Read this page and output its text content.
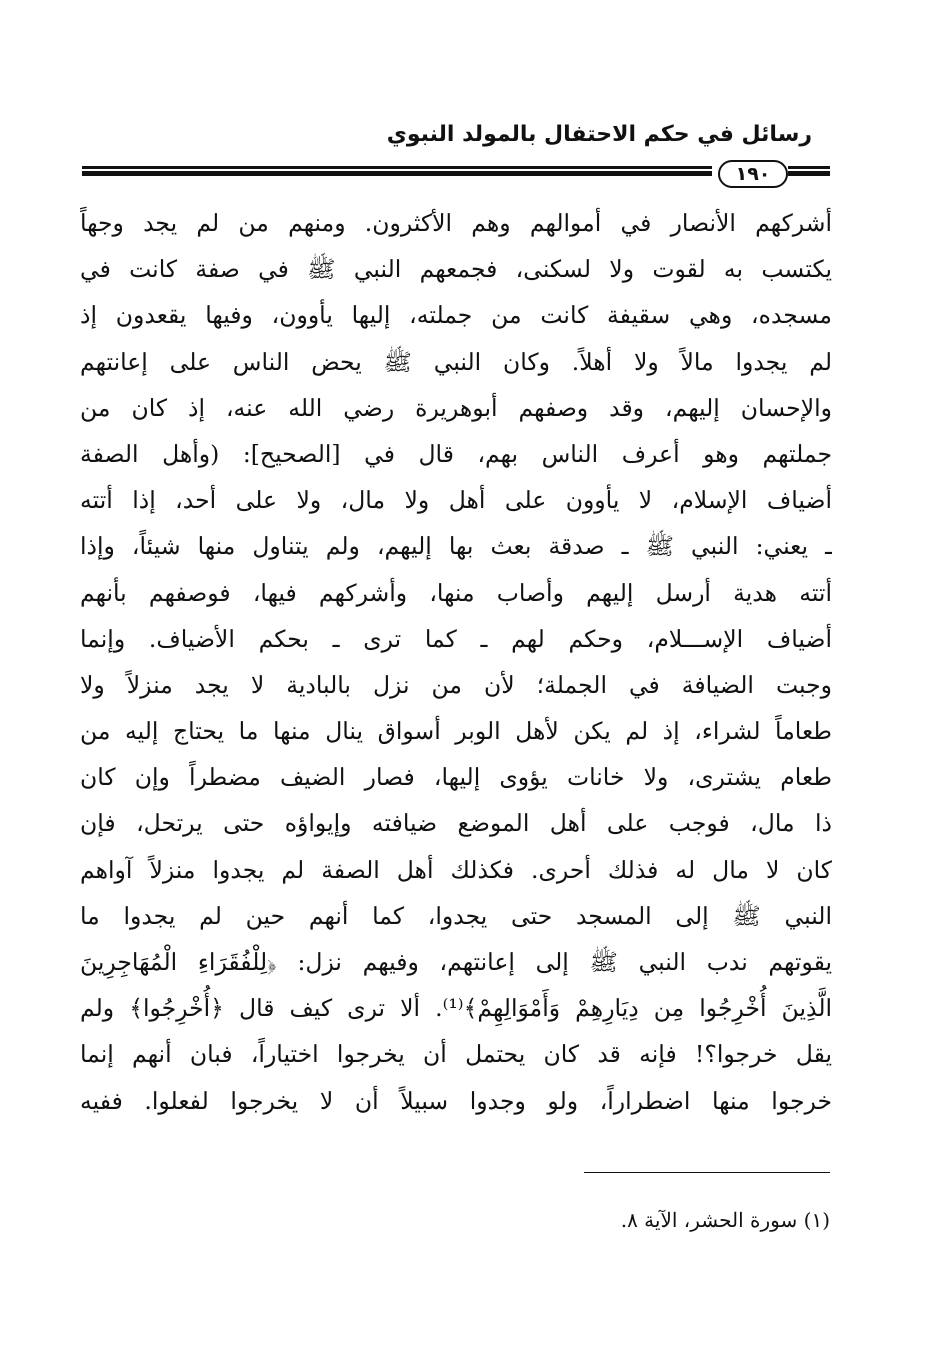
رسائل في حكم الاحتفال بالمولد النبوي
١٩٠
أشركهم الأنصار في أموالهم وهم الأكثرون. ومنهم من لم يجد وجهاً
يكتسب به لقوت ولا لسكنى، فجمعهم النبي ﷺ في صفة كانت في
مسجده، وهي سقيفة كانت من جملته، إليها يأوون، وفيها يقعدون إذ
لم يجدوا مالاً ولا أهلاً. وكان النبي ﷺ يحض الناس على إعانتهم
والإحسان إليهم، وقد وصفهم أبوهريرة رضي الله عنه، إذ كان من
جملتهم وهو أعرف الناس بهم، قال في [الصحيح]: (وأهل الصفة
أضياف الإسلام، لا يأوون على أهل ولا مال، ولا على أحد، إذا أتته
ـ يعني: النبي ﷺ ـ صدقة بعث بها إليهم، ولم يتناول منها شيئاً، وإذا
أتته هدية أرسل إليهم وأصاب منها، وأشركهم فيها، فوصفهم بأنهم
أضياف الإســـلام، وحكم لهم ـ كما ترى ـ بحكم الأضياف. وإنما
وجبت الضيافة في الجملة؛ لأن من نزل بالبادية لا يجد منزلاً ولا
طعاماً لشراء، إذ لم يكن لأهل الوبر أسواق ينال منها ما يحتاج إليه من
طعام يشترى، ولا خانات يؤوى إليها، فصار الضيف مضطراً وإن كان
ذا مال، فوجب على أهل الموضع ضيافته وإيواؤه حتى يرتحل، فإن
كان لا مال له فذلك أحرى. فكذلك أهل الصفة لم يجدوا منزلاً آواهم
النبي ﷺ إلى المسجد حتى يجدوا، كما أنهم حين لم يجدوا ما
يقوتهم ندب النبي ﷺ إلى إعانتهم، وفيهم نزل: ﴿لِلْفُقَرَاءِ الْمُهَاجِرِينَ
الَّذِينَ أُخْرِجُوا مِن دِيَارِهِمْ وَأَمْوَالِهِمْ﴾⁽¹⁾. ألا ترى كيف قال ﴿أُخْرِجُوا﴾ ولم
يقل خرجوا؟! فإنه قد كان يحتمل أن يخرجوا اختياراً، فبان أنهم إنما
خرجوا منها اضطراراً، ولو وجدوا سبيلاً أن لا يخرجوا لفعلوا. ففيه
(١) سورة الحشر، الآية ٨.
